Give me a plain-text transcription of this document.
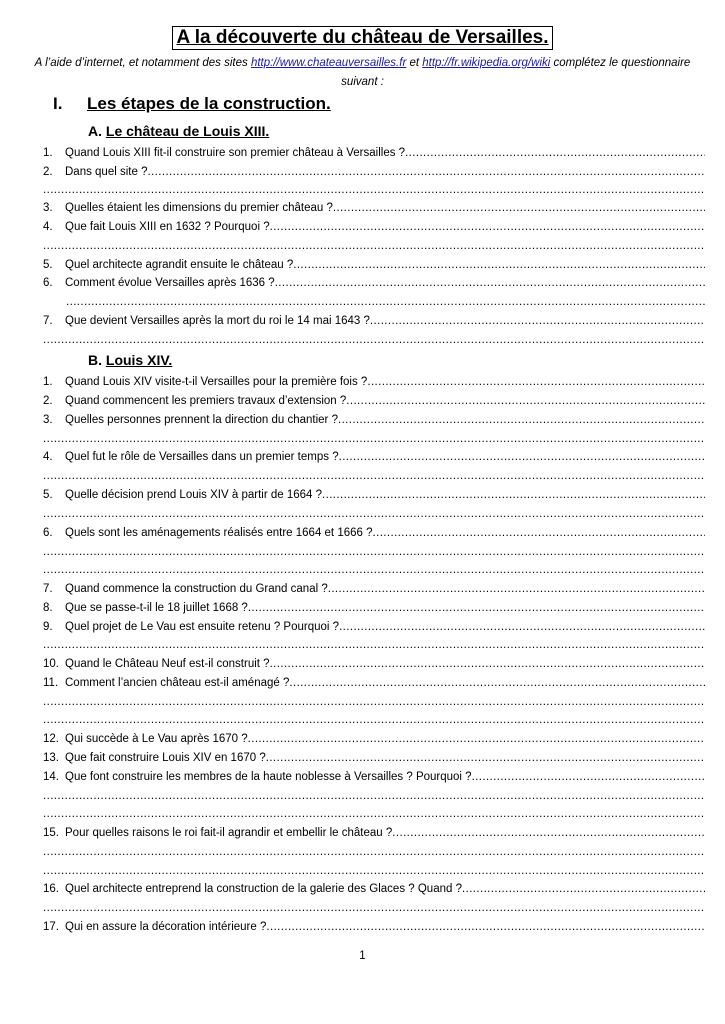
A la découverte du château de Versailles.
A l’aide d’internet, et notamment des sites http://www.chateauversailles.fr et http://fr.wikipedia.org/wiki complétez le questionnaire suivant :
I. Les étapes de la construction.
A. Le château de Louis XIII.
1.	Quand Louis XIII fit-il construire son premier château à Versailles ?
.....
2.	Dans quel site ?
.....
.....
3.	Quelles étaient les dimensions du premier château ?
.....
4.	Que fait Louis XIII en 1632 ? Pourquoi ?
.....
.....
5.	Quel architecte agrandit ensuite le château ?
.....
6.	Comment évolue Versailles après 1636 ?
.....
.....
7.	Que devient Versailles après la mort du roi le 14 mai 1643 ?
.....
.....
B. Louis XIV.
1.	Quand Louis XIV visite-t-il Versailles pour la première fois ?
.....
2.	Quand commencent les premiers travaux d’extension ?
.....
3.	Quelles personnes prennent la direction du chantier ?
.....
.....
4.	Quel fut le rôle de Versailles dans un premier temps ?
.....
.....
5.	Quelle décision prend Louis XIV à partir de 1664 ?
.....
.....
6.	Quels sont les aménagements réalisés entre 1664 et 1666 ?
.....
.....
.....
7.	Quand commence la construction du Grand canal ?
.....
8.	Que se passe-t-il le 18 juillet 1668 ?
.....
9.	Quel projet de Le Vau est ensuite retenu ? Pourquoi ?
.....
.....
10. Quand le Château Neuf est-il construit ?
.....
11. Comment l’ancien château est-il aménagé ?
.....
.....
.....
12. Qui succède à Le Vau après 1670 ?
.....
13. Que fait construire Louis XIV en 1670 ?
.....
14. Que font construire les membres de la haute noblesse à Versailles ? Pourquoi ?
.....
.....
.....
15. Pour quelles raisons le roi fait-il agrandir et embellir le château ?
.....
.....
.....
16. Quel architecte entreprend la construction de la galerie des Glaces ? Quand ?
.....
.....
17. Qui en assure la décoration intérieure ?
.....
1
